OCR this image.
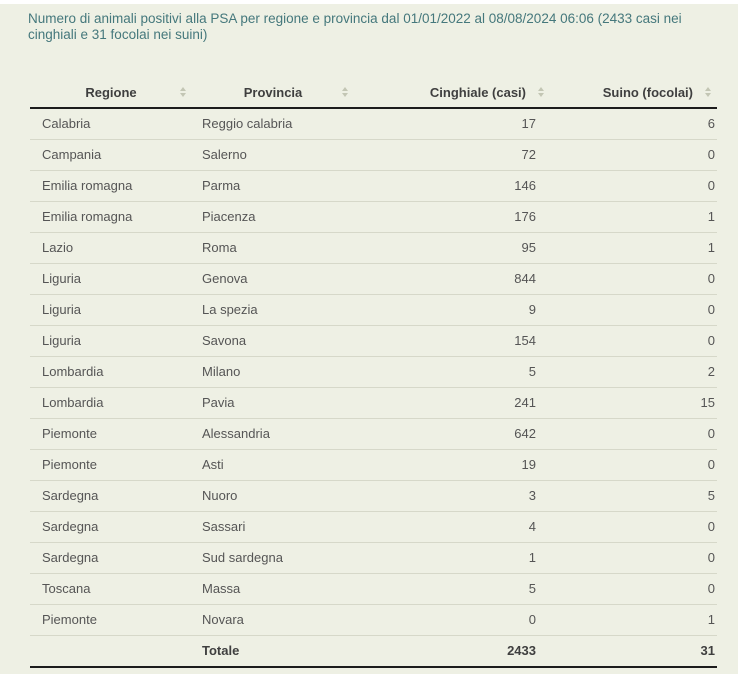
Numero di animali positivi alla PSA per regione e provincia dal 01/01/2022 al 08/08/2024 06:06 (2433 casi nei cinghiali e 31 focolai nei suini)

Regione	Provincia	Cinghiale (casi)	Suino (focolai)

Calabria	Reggio calabria	17	6
Campania	Salerno	72	0
Emilia romagna	Parma	146	0
Emilia romagna	Piacenza	176	1
Lazio	Roma	95	1
Liguria	Genova	844	0
Liguria	La spezia	9	0
Liguria	Savona	154	0
Lombardia	Milano	5	2
Lombardia	Pavia	241	15
Piemonte	Alessandria	642	0
Piemonte	Asti	19	0
Sardegna	Nuoro	3	5
Sardegna	Sassari	4	0
Sardegna	Sud sardegna	1	0
Toscana	Massa	5	0
Piemonte	Novara	0	1
	Totale	2433	31
